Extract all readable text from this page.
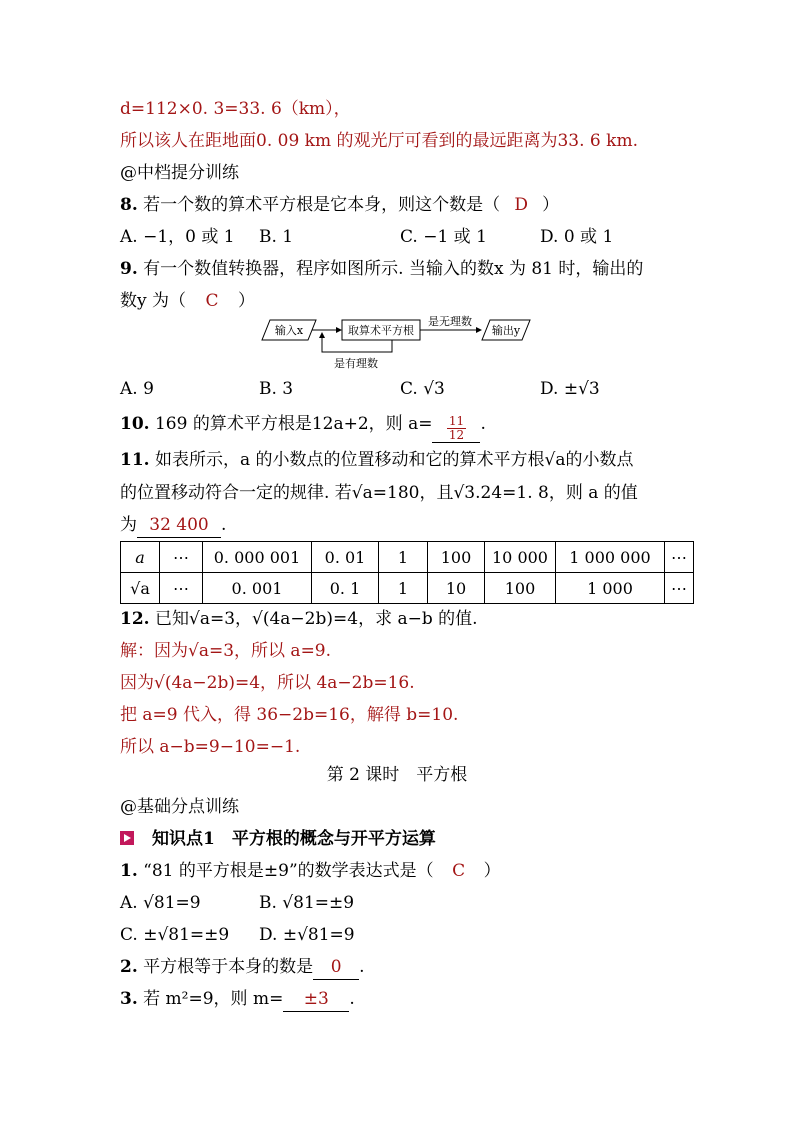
d=112×0. 3=33. 6（km），
所以该人在距地面0. 09 km 的观光厅可看到的最远距离为33. 6 km.
@中档提分训练
8. 若一个数的算术平方根是它本身，则这个数是（ D ）
A. −1，0 或 1 B. 1	C. −1 或 1	D. 0 或 1
9. 有一个数值转换器，程序如图所示. 当输入的数x 为 81 时，输出的
数y 为（ C ）
输入x	取算术平方根
是无理数
输出y
是有理数
A. 9	B. 3	C. √3	D. ±√3
10. 169 的算术平方根是12a+2，则 $a= \frac{11}{12}$ .
11. 如表所示，a 的小数点的位置移动和它的算术平方根√a的小数点
的位置移动符合一定的规律. 若√a=180，且√3.24=1. 8，则 a 的值
为 32 400 .
a	⋯	0. 000 001	0. 01	1	100	10 000	1 000 000	⋯
√a	⋯	0. 001	0. 1	1	10	100	1 000	⋯
12. 已知√a=3，√(4a−2b)=4，求 a−b 的值.
解：因为√a=3，所以 a=9.
因为√(4a−2b)=4，所以 4a−2b=16.
把 a=9 代入，得 36−2b=16，解得 b=10.
所以 a−b=9−10=−1.
第 2 课时　平方根
@基础分点训练
知识点1　平方根的概念与开平方运算
1. “81 的平方根是±9”的数学表达式是（ C ）
A. √81=9	B. √81=±9
C. ±√81=±9 D. ±√81=9
2. 平方根等于本身的数是 0 .
3. 若 m²=9，则 m= ±3 .
